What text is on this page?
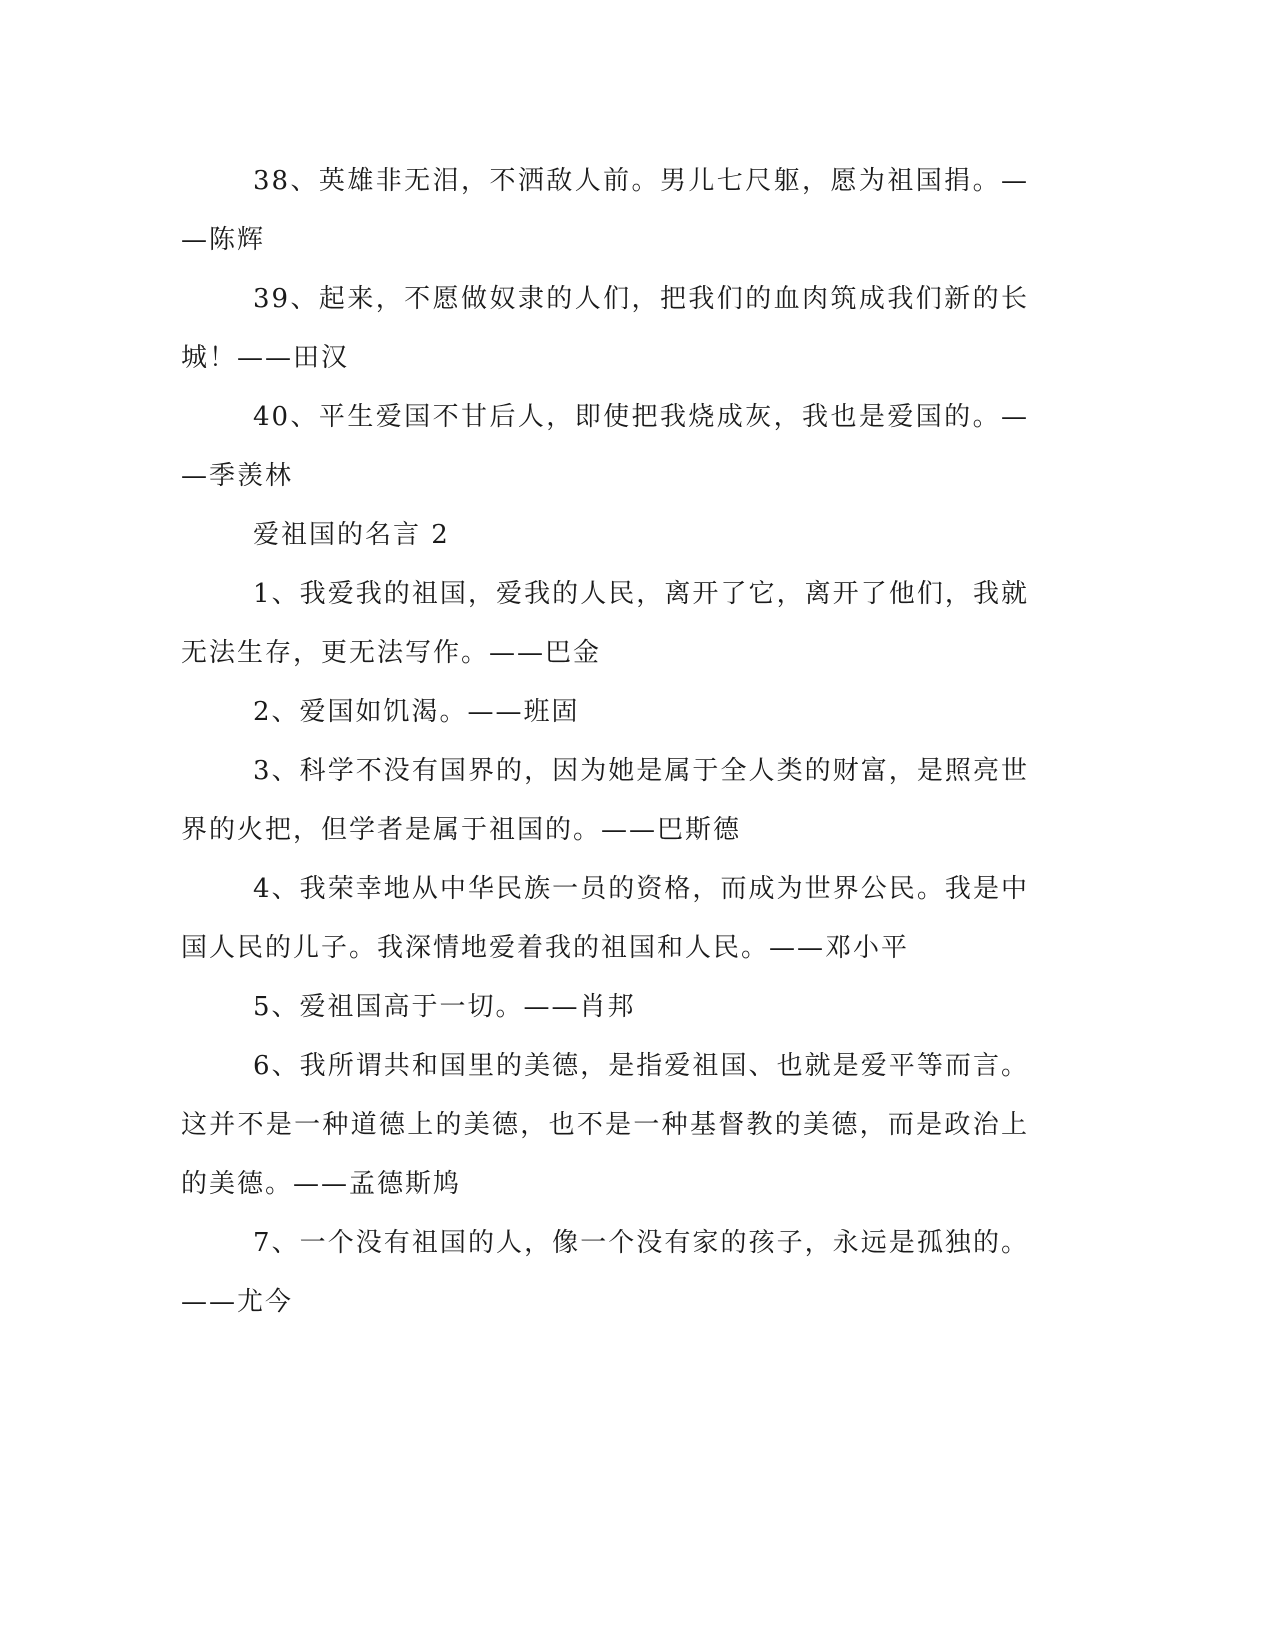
38、英雄非无泪，不洒敌人前。男儿七尺躯，愿为祖国捐。——陈辉

39、起来，不愿做奴隶的人们，把我们的血肉筑成我们新的长城！——田汉

40、平生爱国不甘后人，即使把我烧成灰，我也是爱国的。——季羡林

爱祖国的名言 2

1、我爱我的祖国，爱我的人民，离开了它，离开了他们，我就无法生存，更无法写作。——巴金

2、爱国如饥渴。——班固

3、科学不没有国界的，因为她是属于全人类的财富，是照亮世界的火把，但学者是属于祖国的。——巴斯德

4、我荣幸地从中华民族一员的资格，而成为世界公民。我是中国人民的儿子。我深情地爱着我的祖国和人民。——邓小平

5、爱祖国高于一切。——肖邦

6、我所谓共和国里的美德，是指爱祖国、也就是爱平等而言。这并不是一种道德上的美德，也不是一种基督教的美德，而是政治上的美德。——孟德斯鸠

7、一个没有祖国的人，像一个没有家的孩子，永远是孤独的。——尤今
